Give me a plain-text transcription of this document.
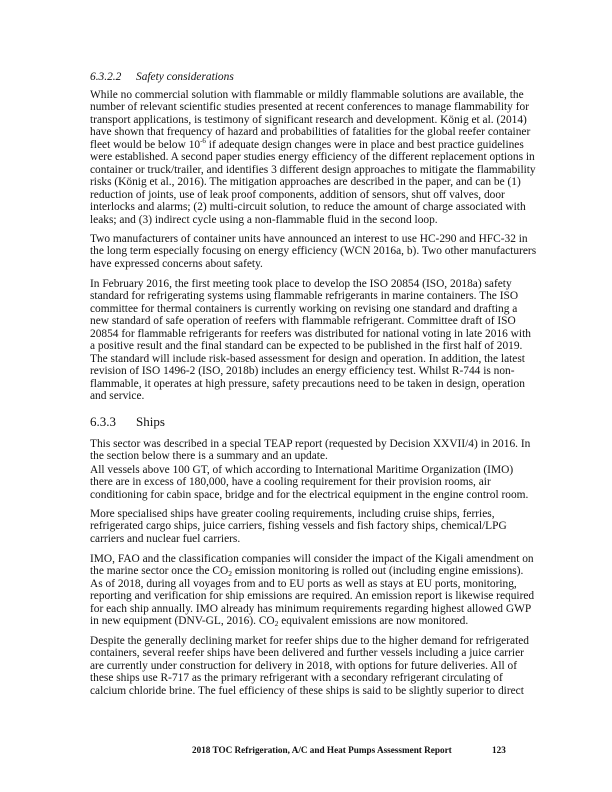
6.3.2.2 Safety considerations
While no commercial solution with flammable or mildly flammable solutions are available, the
number of relevant scientific studies presented at recent conferences to manage flammability for
transport applications, is testimony of significant research and development. König et al. (2014)
have shown that frequency of hazard and probabilities of fatalities for the global reefer container
fleet would be below $10^{-6}$ if adequate design changes were in place and best practice guidelines
were established. A second paper studies energy efficiency of the different replacement options in
container or truck/trailer, and identifies 3 different design approaches to mitigate the flammability
risks (König et al., 2016). The mitigation approaches are described in the paper, and can be (1)
reduction of joints, use of leak proof components, addition of sensors, shut off valves, door
interlocks and alarms; (2) multi-circuit solution, to reduce the amount of charge associated with
leaks; and (3) indirect cycle using a non-flammable fluid in the second loop.
Two manufacturers of container units have announced an interest to use HC-290 and HFC-32 in
the long term especially focusing on energy efficiency (WCN 2016a, b). Two other manufacturers
have expressed concerns about safety.
In February 2016, the first meeting took place to develop the ISO 20854 (ISO, 2018a) safety
standard for refrigerating systems using flammable refrigerants in marine containers. The ISO
committee for thermal containers is currently working on revising one standard and drafting a
new standard of safe operation of reefers with flammable refrigerant. Committee draft of ISO
20854 for flammable refrigerants for reefers was distributed for national voting in late 2016 with
a positive result and the final standard can be expected to be published in the first half of 2019.
The standard will include risk-based assessment for design and operation. In addition, the latest
revision of ISO 1496-2 (ISO, 2018b) includes an energy efficiency test. Whilst R-744 is non-
flammable, it operates at high pressure, safety precautions need to be taken in design, operation
and service.
6.3.3 Ships
This sector was described in a special TEAP report (requested by Decision XXVII/4) in 2016. In
the section below there is a summary and an update.
All vessels above 100 GT, of which according to International Maritime Organization (IMO)
there are in excess of 180,000, have a cooling requirement for their provision rooms, air
conditioning for cabin space, bridge and for the electrical equipment in the engine control room.
More specialised ships have greater cooling requirements, including cruise ships, ferries,
refrigerated cargo ships, juice carriers, fishing vessels and fish factory ships, chemical/LPG
carriers and nuclear fuel carriers.
IMO, FAO and the classification companies will consider the impact of the Kigali amendment on
the marine sector once the $CO_2$ emission monitoring is rolled out (including engine emissions).
As of 2018, during all voyages from and to EU ports as well as stays at EU ports, monitoring,
reporting and verification for ship emissions are required. An emission report is likewise required
for each ship annually. IMO already has minimum requirements regarding highest allowed GWP
in new equipment (DNV-GL, 2016). $CO_2$ equivalent emissions are now monitored.
Despite the generally declining market for reefer ships due to the higher demand for refrigerated
containers, several reefer ships have been delivered and further vessels including a juice carrier
are currently under construction for delivery in 2018, with options for future deliveries. All of
these ships use R-717 as the primary refrigerant with a secondary refrigerant circulating of
calcium chloride brine. The fuel efficiency of these ships is said to be slightly superior to direct
2018 TOC Refrigeration, A/C and Heat Pumps Assessment Report	123
